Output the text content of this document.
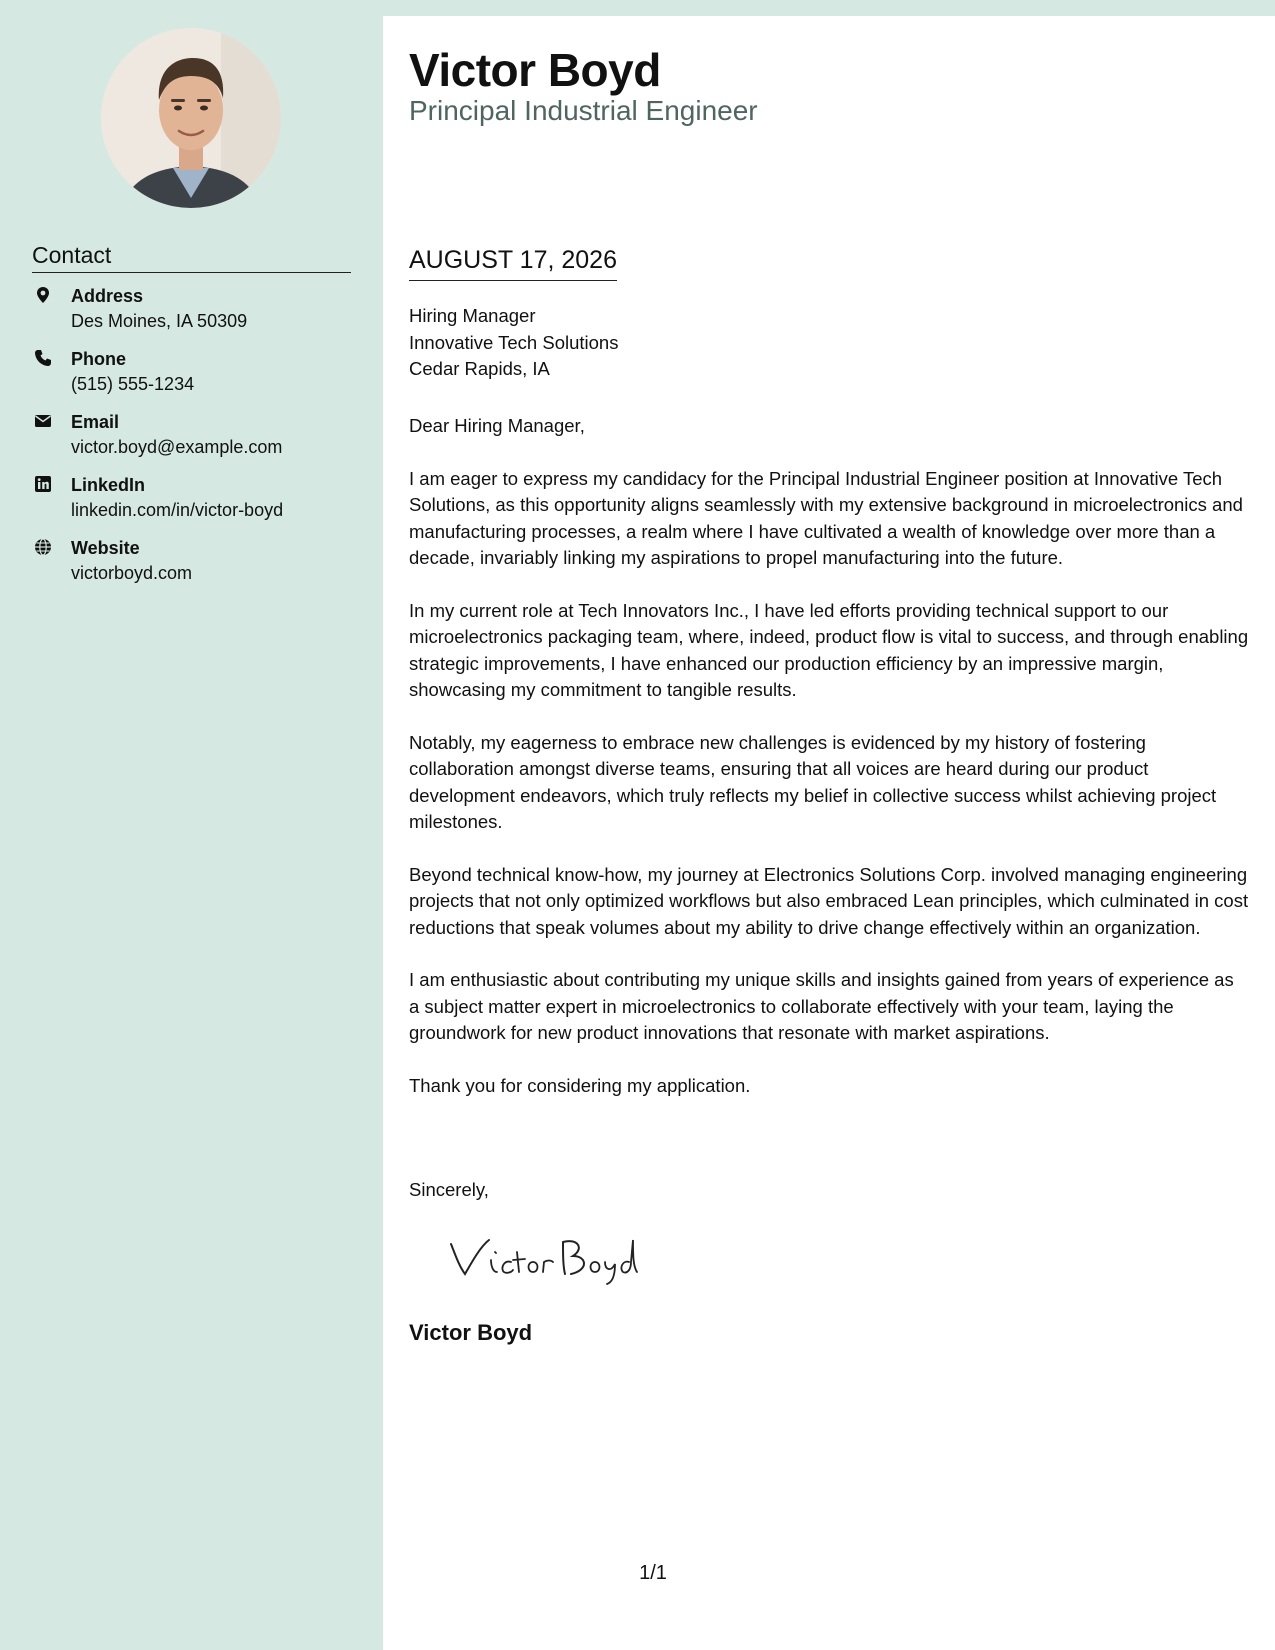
Contact
Address
Des Moines, IA 50309
Phone
(515) 555-1234
Email
victor.boyd@example.com
LinkedIn
linkedin.com/in/victor-boyd
Website
victorboyd.com
Victor Boyd
Principal Industrial Engineer
AUGUST 17, 2026
Hiring Manager
Innovative Tech Solutions
Cedar Rapids, IA

Dear Hiring Manager,

I am eager to express my candidacy for the Principal Industrial Engineer position at Innovative Tech Solutions, as this opportunity aligns seamlessly with my extensive background in microelectronics and manufacturing processes, a realm where I have cultivated a wealth of knowledge over more than a decade, invariably linking my aspirations to propel manufacturing into the future.

In my current role at Tech Innovators Inc., I have led efforts providing technical support to our microelectronics packaging team, where, indeed, product flow is vital to success, and through enabling strategic improvements, I have enhanced our production efficiency by an impressive margin, showcasing my commitment to tangible results.

Notably, my eagerness to embrace new challenges is evidenced by my history of fostering collaboration amongst diverse teams, ensuring that all voices are heard during our product development endeavors, which truly reflects my belief in collective success whilst achieving project milestones.

Beyond technical know-how, my journey at Electronics Solutions Corp. involved managing engineering projects that not only optimized workflows but also embraced Lean principles, which culminated in cost reductions that speak volumes about my ability to drive change effectively within an organization.

I am enthusiastic about contributing my unique skills and insights gained from years of experience as a subject matter expert in microelectronics to collaborate effectively with your team, laying the groundwork for new product innovations that resonate with market aspirations.

Thank you for considering my application.

Sincerely,
Victor Boyd
1/1
